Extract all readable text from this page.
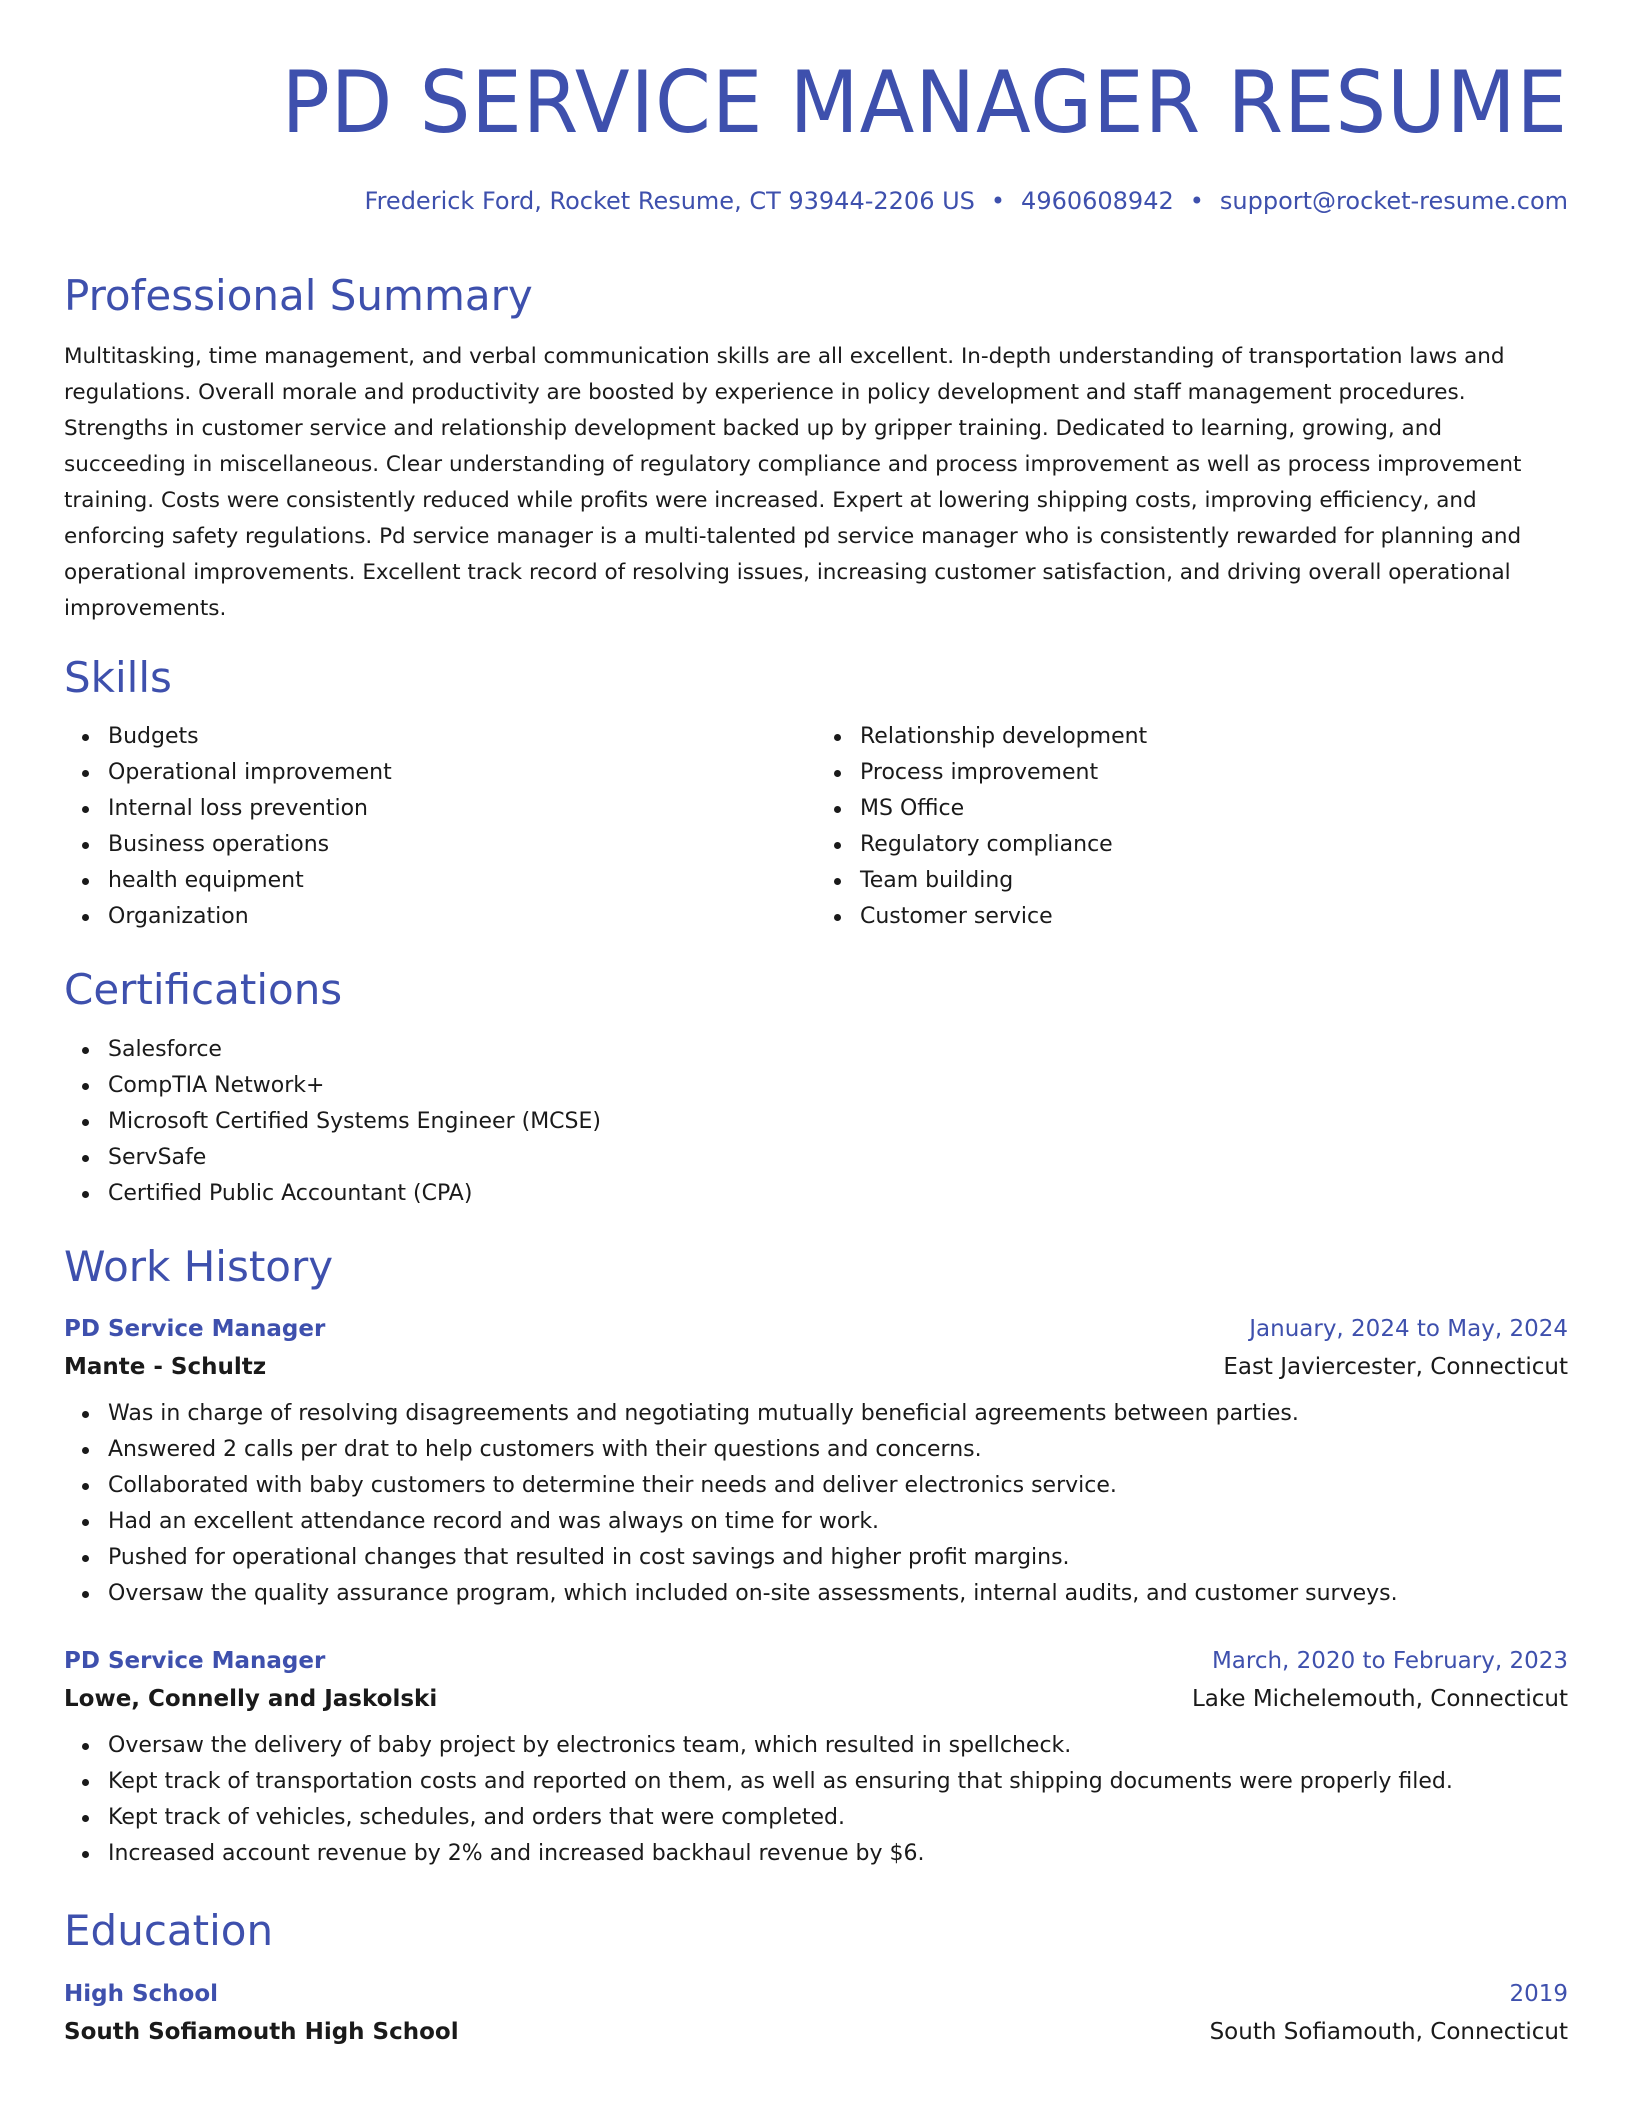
PD SERVICE MANAGER RESUME
Frederick Ford, Rocket Resume, CT 93944-2206 US • 4960608942 • support@rocket-resume.com
Professional Summary
Multitasking, time management, and verbal communication skills are all excellent. In-depth understanding of transportation laws and regulations. Overall morale and productivity are boosted by experience in policy development and staff management procedures. Strengths in customer service and relationship development backed up by gripper training. Dedicated to learning, growing, and succeeding in miscellaneous. Clear understanding of regulatory compliance and process improvement as well as process improvement training. Costs were consistently reduced while profits were increased. Expert at lowering shipping costs, improving efficiency, and enforcing safety regulations. Pd service manager is a multi-talented pd service manager who is consistently rewarded for planning and operational improvements. Excellent track record of resolving issues, increasing customer satisfaction, and driving overall operational improvements.
Skills
Budgets
Operational improvement
Internal loss prevention
Business operations
health equipment
Organization
Relationship development
Process improvement
MS Office
Regulatory compliance
Team building
Customer service
Certifications
Salesforce
CompTIA Network+
Microsoft Certified Systems Engineer (MCSE)
ServSafe
Certified Public Accountant (CPA)
Work History
PD Service Manager	January, 2024 to May, 2024
Mante - Schultz	East Javiercester, Connecticut
Was in charge of resolving disagreements and negotiating mutually beneficial agreements between parties.
Answered 2 calls per drat to help customers with their questions and concerns.
Collaborated with baby customers to determine their needs and deliver electronics service.
Had an excellent attendance record and was always on time for work.
Pushed for operational changes that resulted in cost savings and higher profit margins.
Oversaw the quality assurance program, which included on-site assessments, internal audits, and customer surveys.
PD Service Manager	March, 2020 to February, 2023
Lowe, Connelly and Jaskolski	Lake Michelemouth, Connecticut
Oversaw the delivery of baby project by electronics team, which resulted in spellcheck.
Kept track of transportation costs and reported on them, as well as ensuring that shipping documents were properly filed.
Kept track of vehicles, schedules, and orders that were completed.
Increased account revenue by 2% and increased backhaul revenue by $6.
Education
High School	2019
South Sofiamouth High School	South Sofiamouth, Connecticut
